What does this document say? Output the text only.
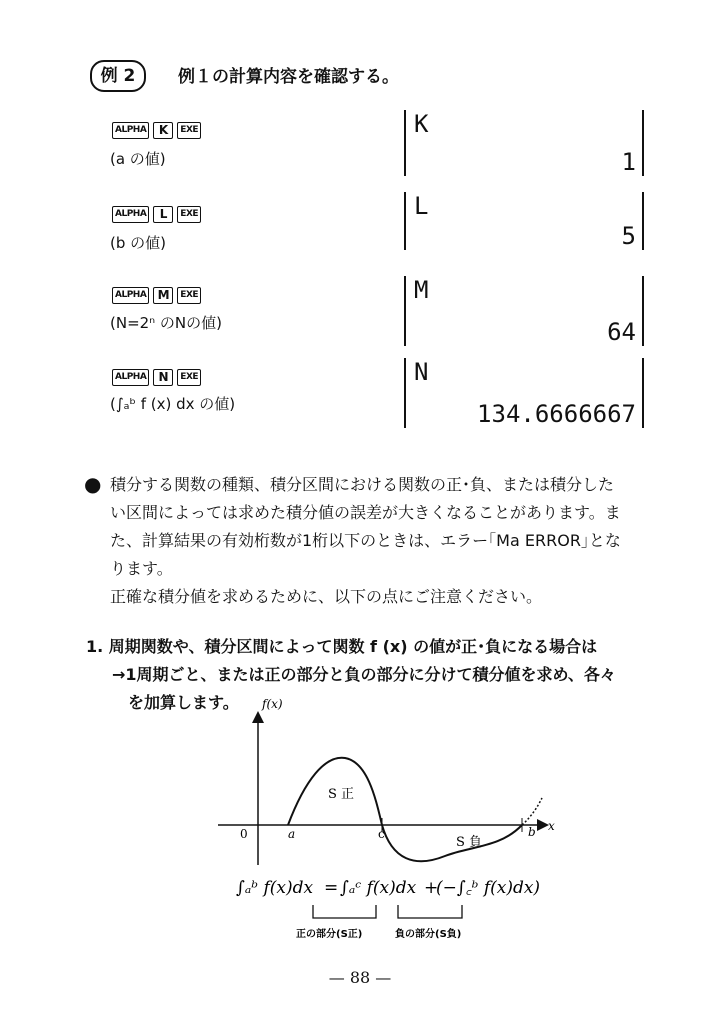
例 2	例１の計算内容を確認する。
ALPHA	K	EXE
(a の値)
K
1
ALPHA	L	EXE
(b の値)
L
5
ALPHA M	EXE
(N=2ⁿ のNの値)
M
64
ALPHA	N	EXE
(∫ₐᵇ f (x) dx の値)
N
134.6666667
● 積分する関数の種類、積分区間における関数の正･負、または積分した
い区間によっては求めた積分値の誤差が大きくなることがあります。ま
た、計算結果の有効桁数が1桁以下のときは、エラー｢Ma ERROR｣とな
ります。
正確な積分値を求めるために、以下の点にご注意ください。
1. 周期関数や、積分区間によって関数 f (x) の値が正･負になる場合は
→1周期ごと、または正の部分と負の部分に分けて積分値を求め、各々
を加算します。 f(x)
x
0	a	c	b
S 正
S 負
∫ₐᵇ f(x)dx = ∫ₐᶜ f(x)dx +
(−∫꜀ᵇ f(x)dx)
正の部分(S正)	負の部分(S負)
— 88 —
